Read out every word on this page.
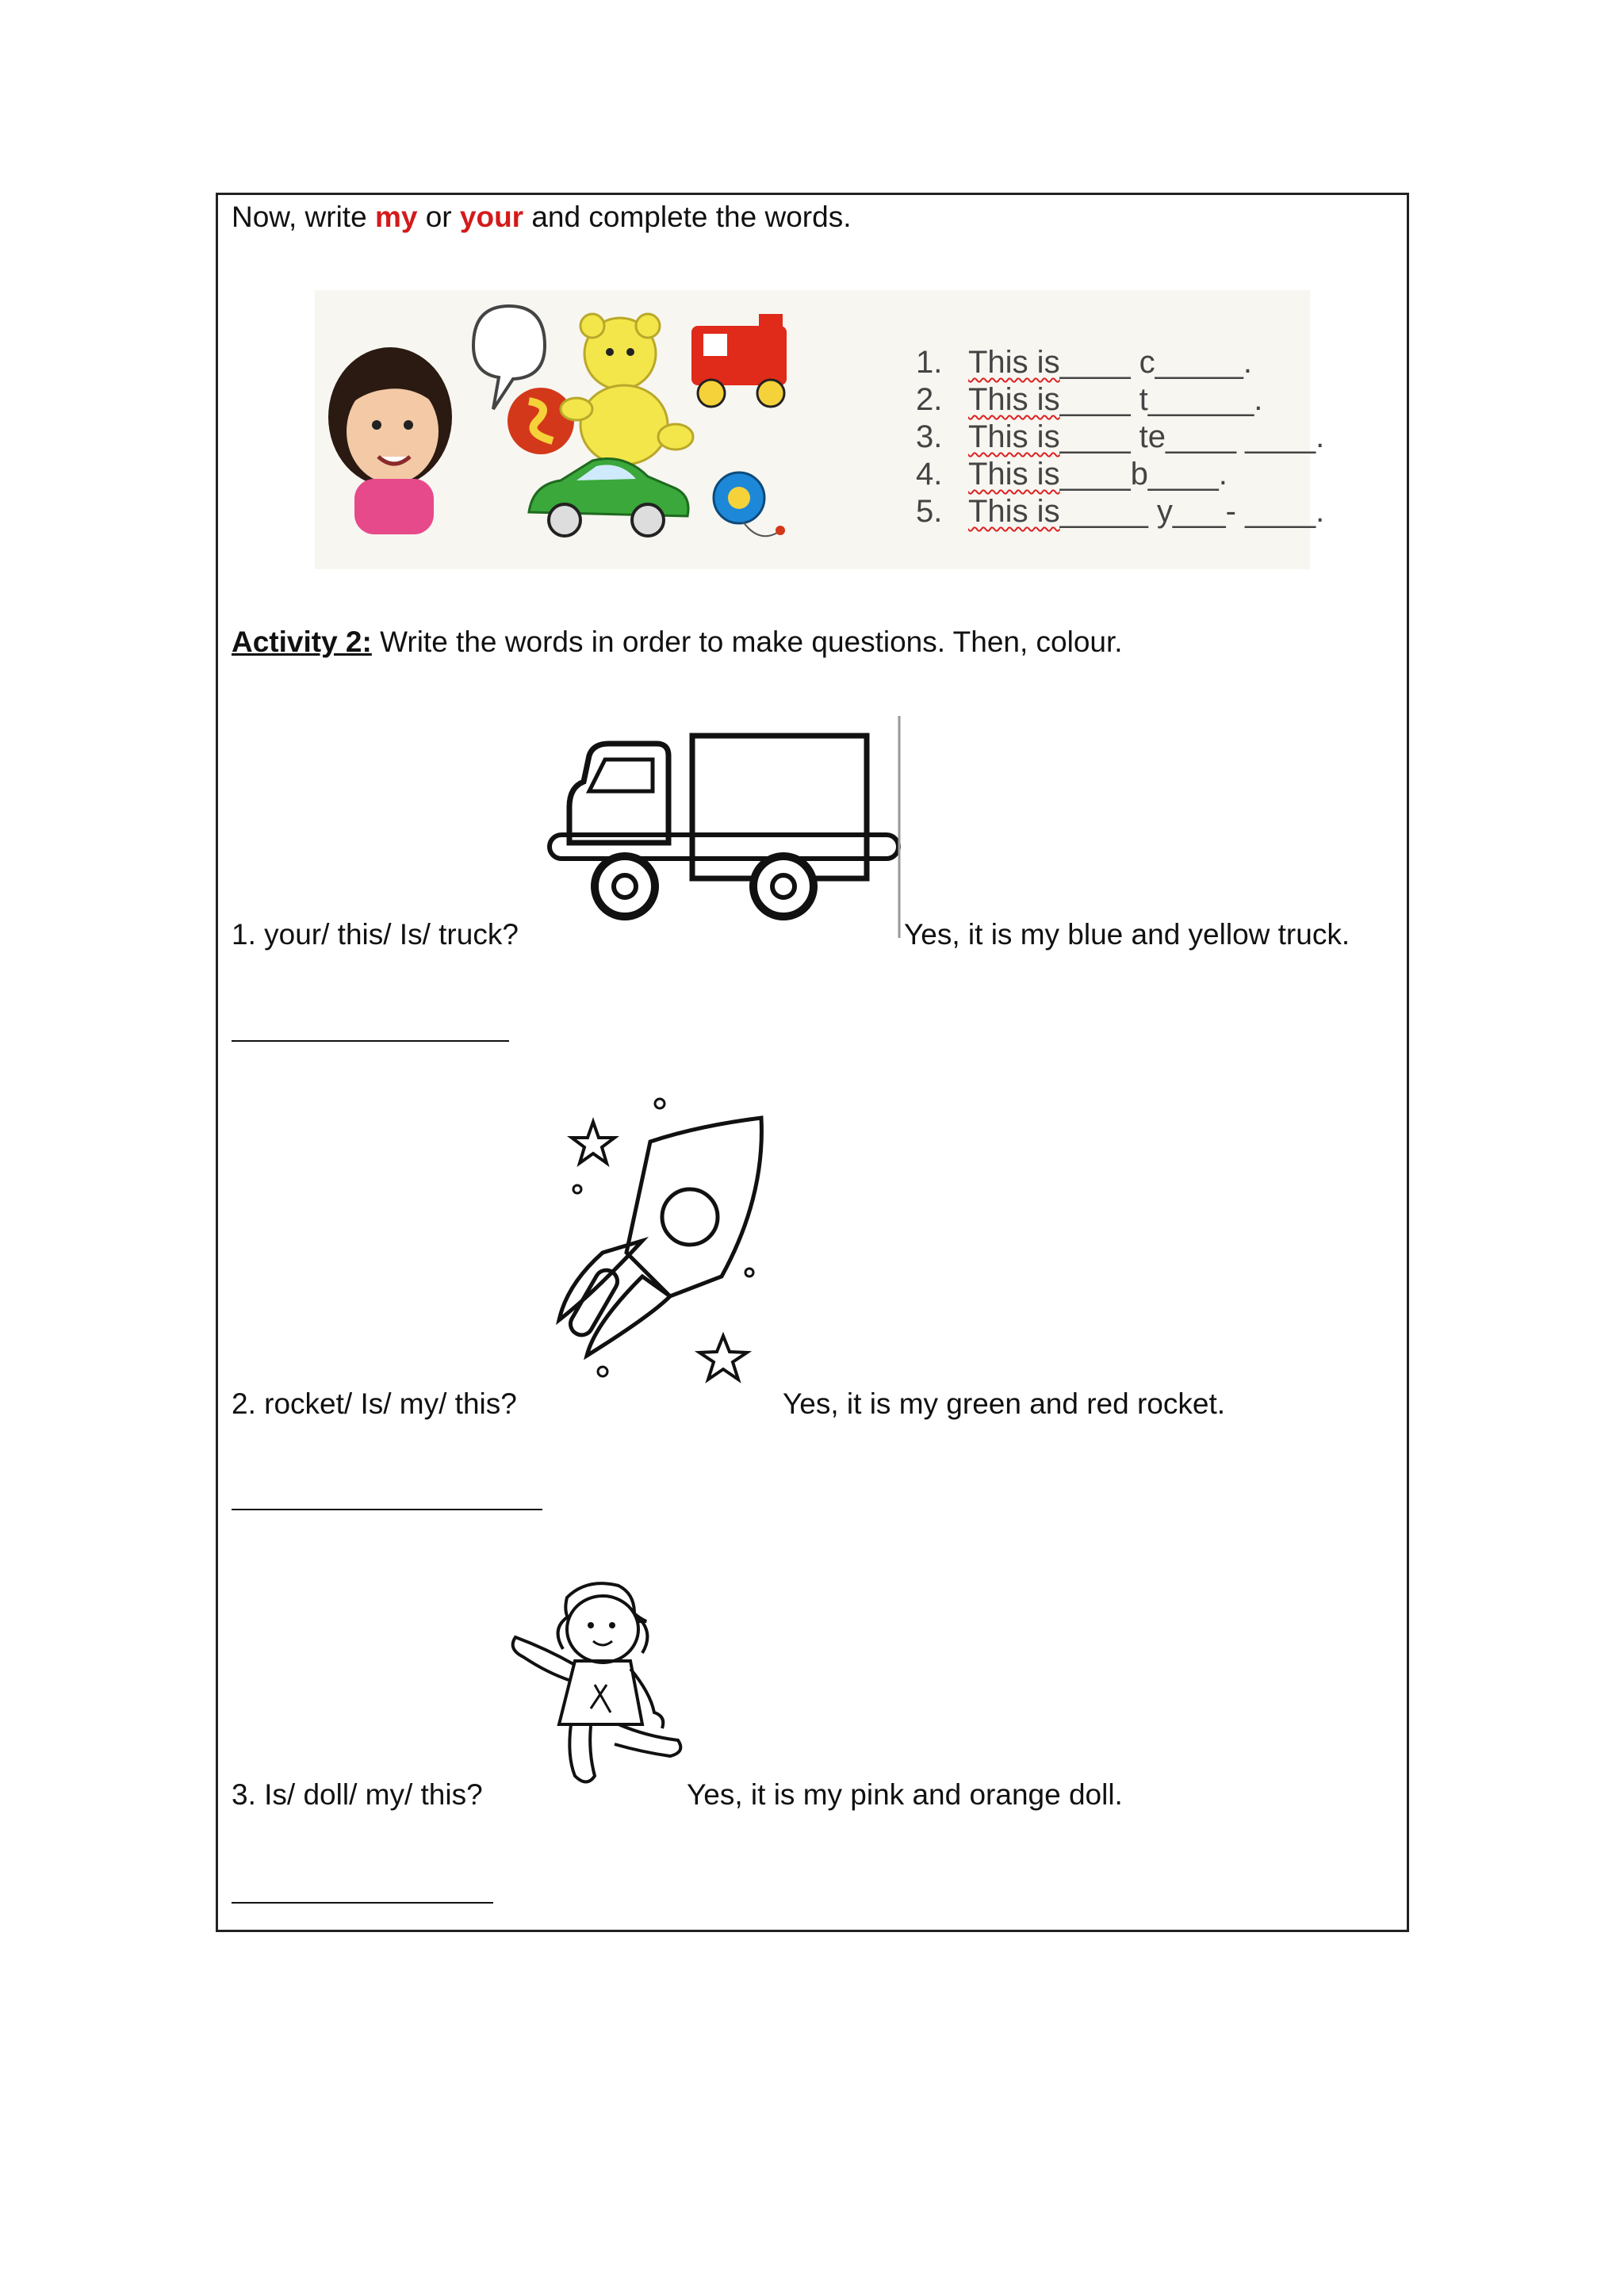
Now, write my or your and complete the words.
1. This is____ c_____.
2. This is____ t______.
3. This is____ te____ ____.
4. This is____b____.
5. This is_____ y___- ____.
Activity 2: Write the words in order to make questions. Then, colour.
1. your/ this/ Is/ truck?	Yes, it is my blue and yellow truck.
2. rocket/ Is/ my/ this?	Yes, it is my green and red rocket.
3. Is/ doll/ my/ this?	Yes, it is my pink and orange doll.
